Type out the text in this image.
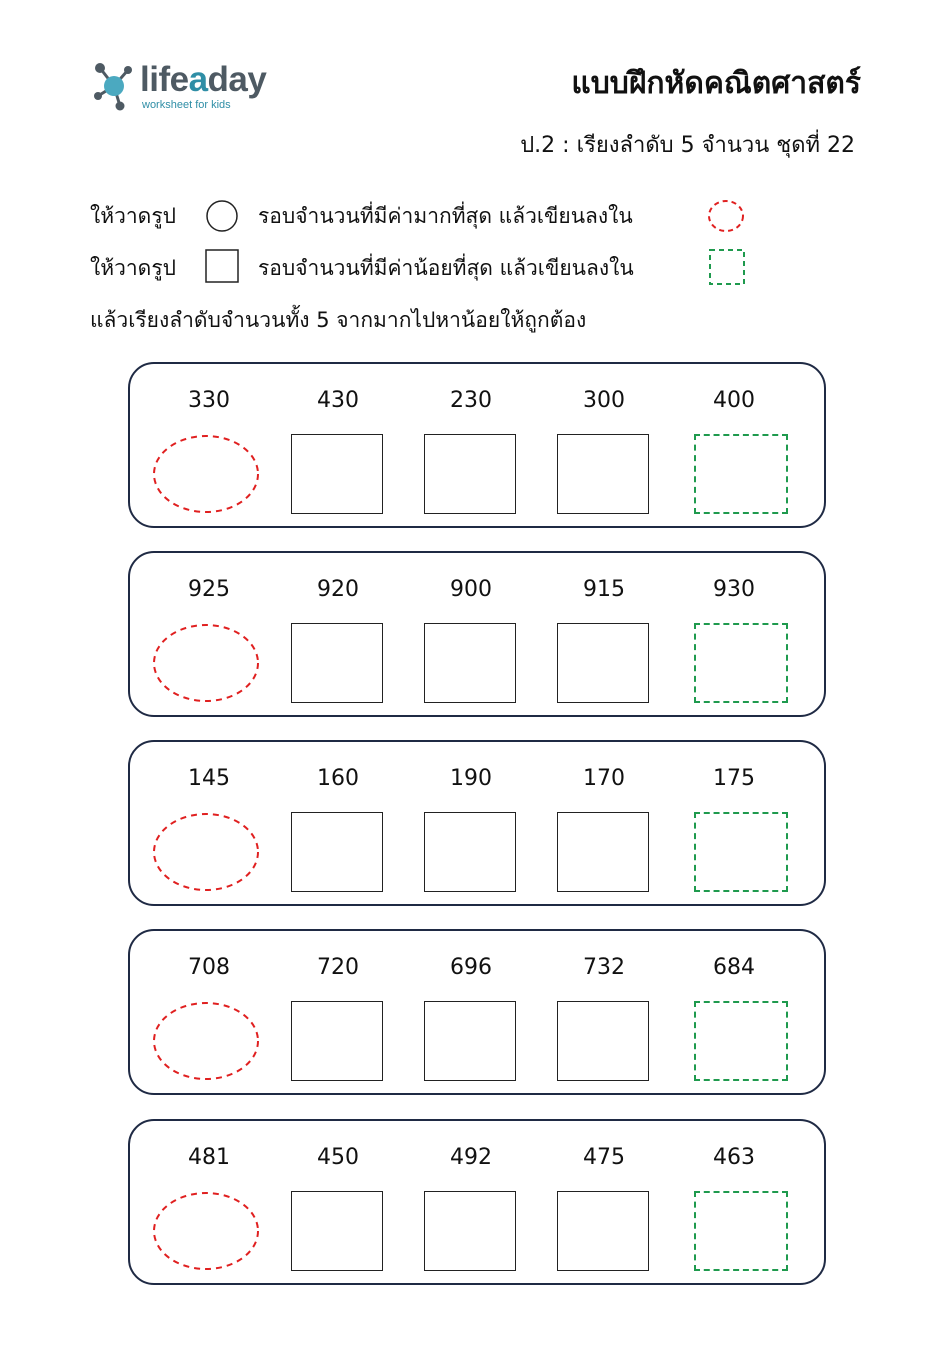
lifeaday
worksheet for kids
แบบฝึกหัดคณิตศาสตร์
ป.2 : เรียงลำดับ 5 จำนวน ชุดที่ 22
ให้วาดรูป	รอบจำนวนที่มีค่ามากที่สุด แล้วเขียนลงใน
ให้วาดรูป	รอบจำนวนที่มีค่าน้อยที่สุด แล้วเขียนลงใน
แล้วเรียงลำดับจำนวนทั้ง 5 จากมากไปหาน้อยให้ถูกต้อง
330	430	230	300	400
925	920	900	915	930
145	160	190	170	175
708	720	696	732	684
481	450	492	475	463
